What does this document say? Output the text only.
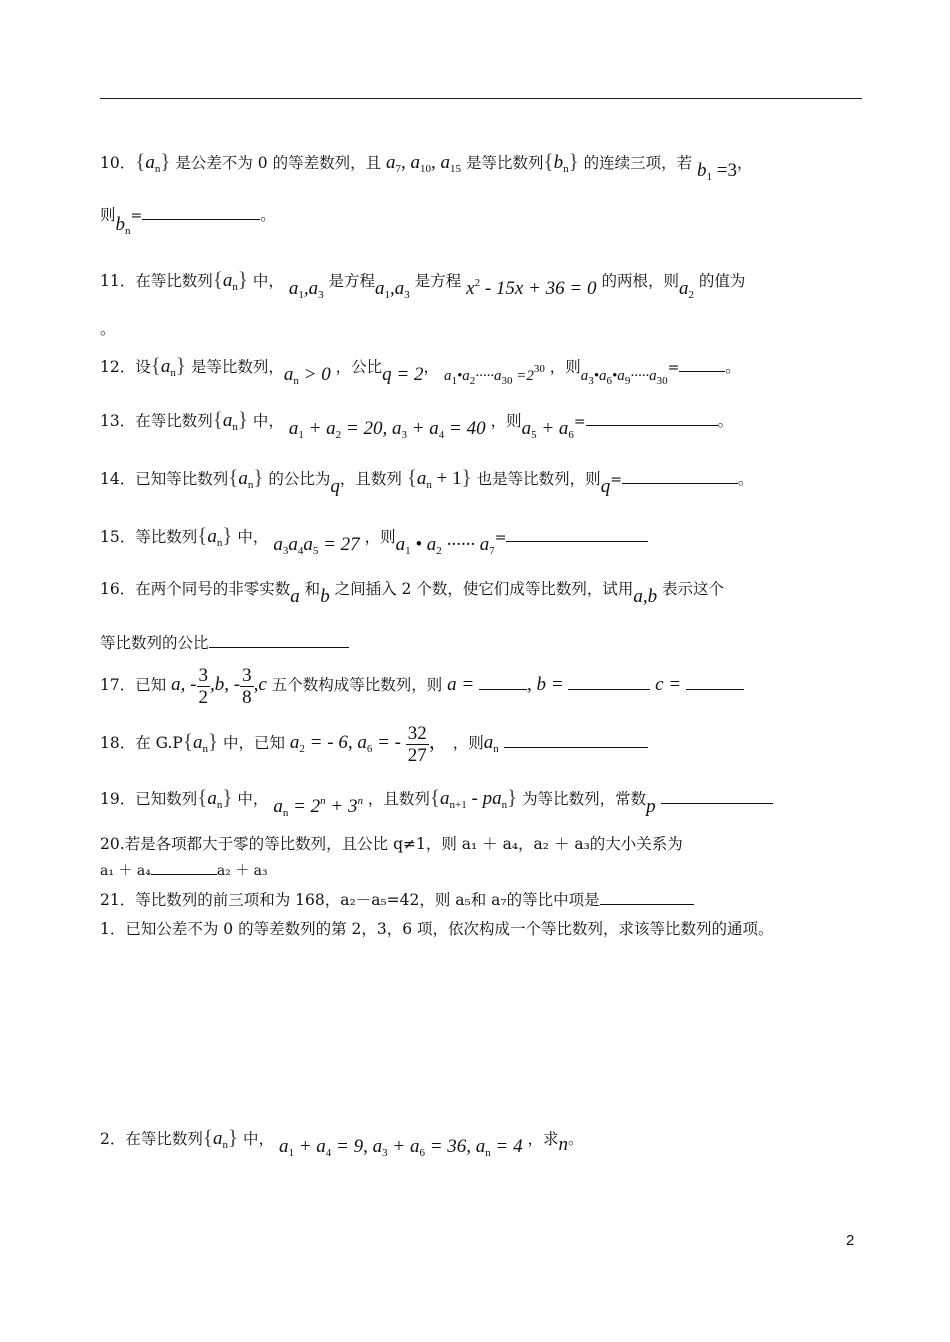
10．$\{a_n\}$ 是公差不为 0 的等差数列，且 $a_7$, $a_{10}$, $a_{15}$ 是等比数列$\{b_n\}$ 的连续三项，若 $b_1 =3$，
则$b_n=$	。
11．在等比数列$\{a_n\}$ 中， $a_1,a_3$ 是方程$a_1,a_3$ 是方程 $x^2 - 15x + 36 = 0$ 的两根，则$a_2$ 的值为
。
12．设$\{a_n\}$ 是等比数列，$a_n > 0$ ，公比q = 2， $a_1•a_2\cdot\cdot\cdot\cdot\cdot a_{30} =2^{30}$ ，则$a_3•a_6•a_9\cdot\cdot\cdot\cdot\cdot a_{30}=$	。
13．在等比数列$\{a_n\}$ 中， $a_1 + a_2 = 20$, $a_3 + a_4 = 40$ ，则$a_5 + a_6=$	。
14．已知等比数列$\{a_n\}$ 的公比为q，且数列 $\{a_n + 1\}$ 也是等比数列，则q=	。
15．等比数列$\{a_n\}$ 中， $a_3a_4a_5 = 27$ ，则$a_1$ • $a_2$ ······ $a_7=$
16．在两个同号的非零实数a 和b 之间插入 2 个数，使它们成等比数列，试用a,b 表示这个
等比数列的公比
17．已知 a, - $\frac{3}{2} ,b$, - $\frac{3}{8} ,c$ 五个数构成等比数列，则 a =	, b =	c =
18．在 $G.P\{a_n\}$ 中，已知 $a_2$ = - 6, $a_6$ = - $\frac{32}{27}$ ， ，则$a_n$
19．已知数列$\{a_n\}$ 中， $a_n = 2^n + 3^n$ ，且数列$\{a_{n+1} - pa_n\}$ 为等比数列，常数p
20.若是各项都大于零的等比数列，且公比 q≠1，则 a₁ ＋ a₄，a₂ ＋ a₃的大小关系为
a₁ ＋ a₄	a₂ ＋ a₃
21．等比数列的前三项和为 168，a₂－a₅=42，则 a₅和 a₇的等比中项是
1．已知公差不为 0 的等差数列的第 2，3，6 项，依次构成一个等比数列，求该等比数列的通项。
2．在等比数列$\{a_n\}$ 中， $a_1 + a_4 = 9$, $a_3 + a_6 = 36$, $a_n = 4$ ，求n。
2
